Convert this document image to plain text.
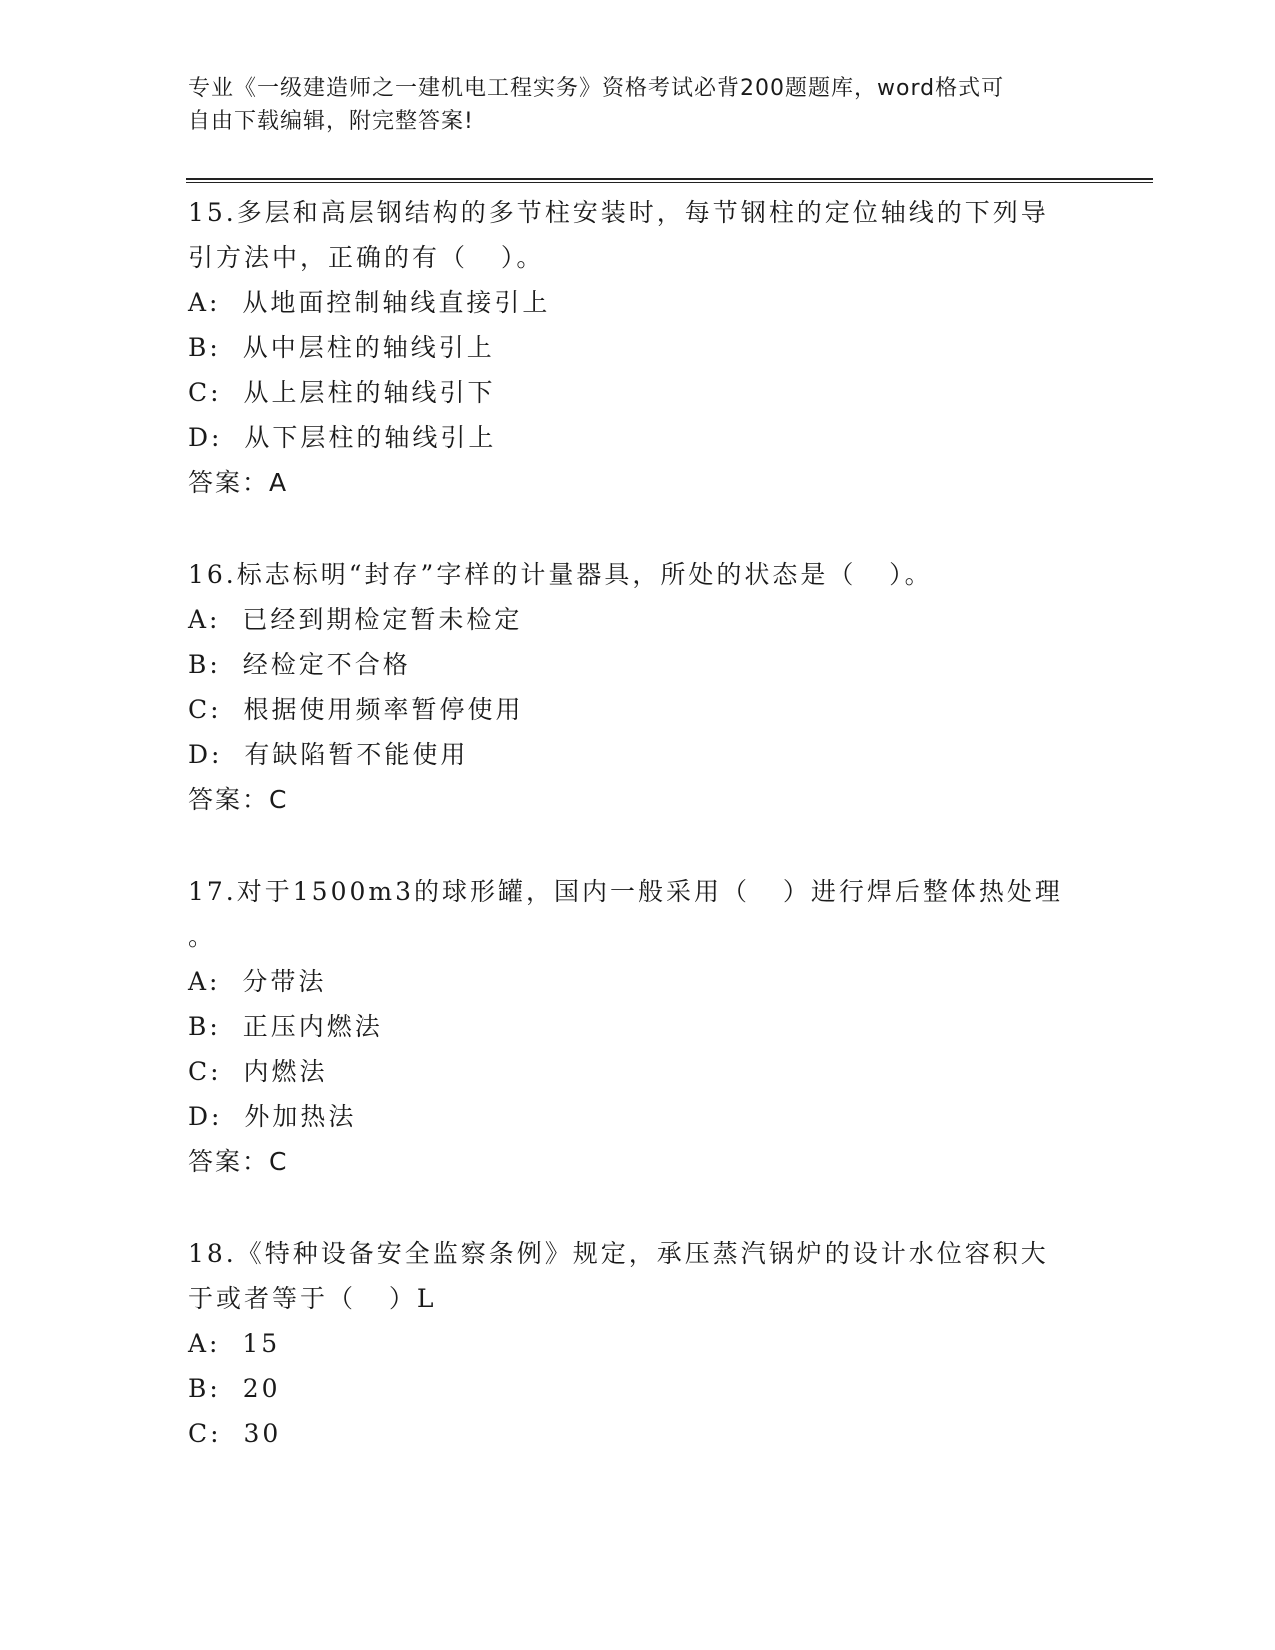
专业《一级建造师之一建机电工程实务》资格考试必背200题题库，word格式可

自由下载编辑，附完整答案!

15.多层和高层钢结构的多节柱安装时，每节钢柱的定位轴线的下列导

引方法中，正确的有（   ）。

A:  从地面控制轴线直接引上

B:  从中层柱的轴线引上

C:  从上层柱的轴线引下

D:  从下层柱的轴线引上

答案：A

16.标志标明“封存”字样的计量器具，所处的状态是（   ）。

A:  已经到期检定暂未检定

B:  经检定不合格

C:  根据使用频率暂停使用

D:  有缺陷暂不能使用

答案：C

17.对于1500m3的球形罐，国内一般采用（   ）进行焊后整体热处理

。

A:  分带法

B:  正压内燃法

C:  内燃法

D:  外加热法

答案：C

18.《特种设备安全监察条例》规定，承压蒸汽锅炉的设计水位容积大

于或者等于（   ）L

A:  15

B:  20

C:  30
